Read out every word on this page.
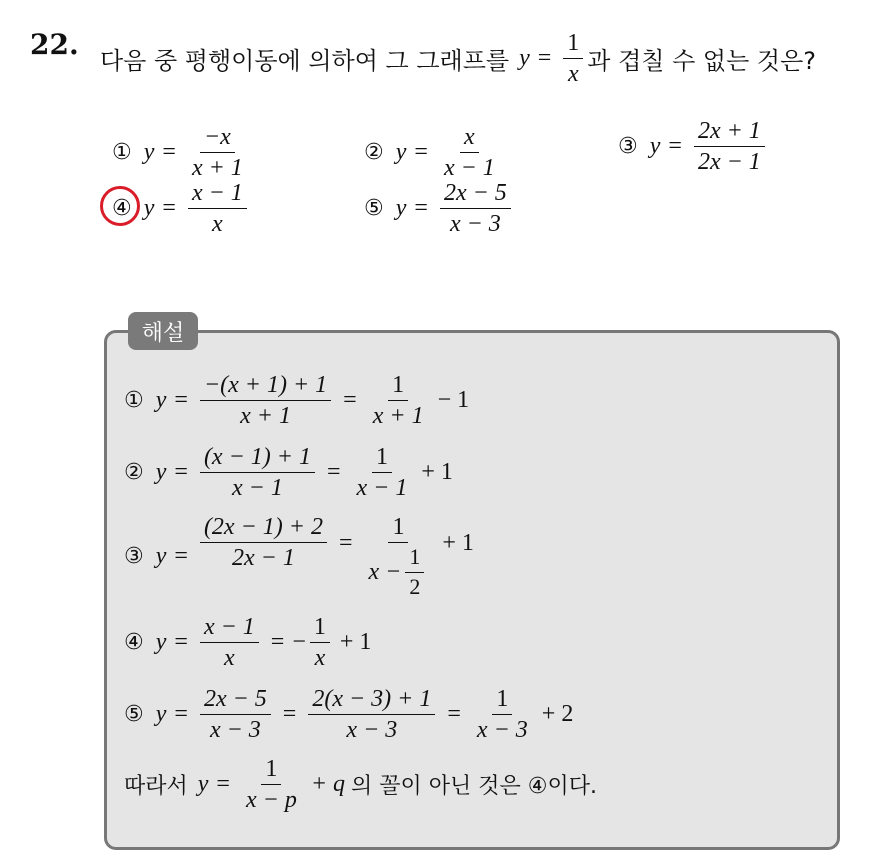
22.
다음 중 평행이동에 의하여 그 그래프를 $y = \frac{1}{x}$ 과 겹칠 수 없는 것은?
① $y = \frac{-x}{x + 1}$	② $y = \frac{x}{x - 1}$	③ $y = \frac{2x + 1}{2x - 1}$
④ $y = \frac{x - 1}{x}$	⑤ $y = \frac{2x - 5}{x - 3}$
해설
① $y = \frac{-(x + 1) + 1}{x + 1} = \frac{1}{x + 1} - 1$
② $y = \frac{(x - 1) + 1}{x - 1} = \frac{1}{x - 1} + 1$
③ $y = \frac{(2x - 1) + 2}{2x - 1} = \frac{1}{x - \frac{1}{2}} + 1$
④ $y = \frac{x - 1}{x}$ = − $\frac{1}{x} + 1$
⑤ $y = \frac{2x - 5}{x - 3} = \frac{2(x - 3) + 1}{x - 3} = \frac{1}{x - 3} + 2$
따라서 $y = \frac{1}{x - p} + q$ 의 꼴이 아닌 것은 ④이다.
